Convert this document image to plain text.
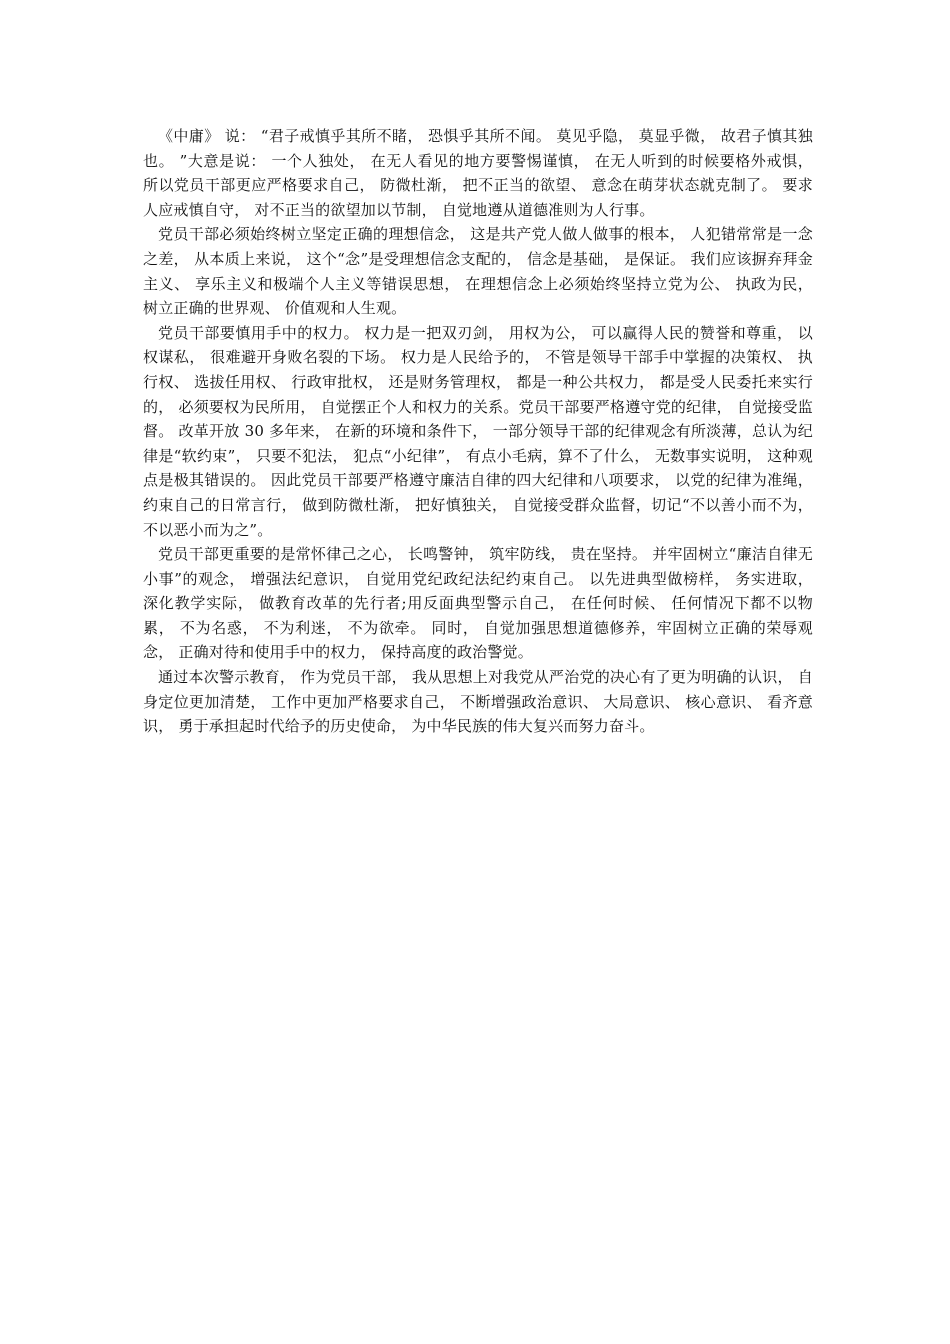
《中庸》 说： “君子戒慎乎其所不睹， 恐惧乎其所不闻。 莫见乎隐， 莫显乎微， 故君子慎其独也。 ”大意是说： 一个人独处， 在无人看见的地方要警惕谨慎， 在无人听到的时候要格外戒惧， 所以党员干部更应严格要求自己， 防微杜渐， 把不正当的欲望、 意念在萌芽状态就克制了。 要求人应戒慎自守， 对不正当的欲望加以节制， 自觉地遵从道德准则为人行事。

党员干部必须始终树立坚定正确的理想信念， 这是共产党人做人做事的根本， 人犯错常常是一念之差， 从本质上来说， 这个“念”是受理想信念支配的， 信念是基础， 是保证。 我们应该摒弃拜金主义、 享乐主义和极端个人主义等错误思想， 在理想信念上必须始终坚持立党为公、 执政为民， 树立正确的世界观、 价值观和人生观。

党员干部要慎用手中的权力。 权力是一把双刃剑， 用权为公， 可以赢得人民的赞誉和尊重， 以权谋私， 很难避开身败名裂的下场。 权力是人民给予的， 不管是领导干部手中掌握的决策权、 执行权、 选拔任用权、 行政审批权， 还是财务管理权， 都是一种公共权力， 都是受人民委托来实行的， 必须要权为民所用， 自觉摆正个人和权力的关系。党员干部要严格遵守党的纪律， 自觉接受监督。 改革开放 30 多年来， 在新的环境和条件下， 一部分领导干部的纪律观念有所淡薄，总认为纪律是“软约束”， 只要不犯法， 犯点“小纪律”， 有点小毛病，算不了什么， 无数事实说明， 这种观点是极其错误的。 因此党员干部要严格遵守廉洁自律的四大纪律和八项要求， 以党的纪律为准绳， 约束自己的日常言行， 做到防微杜渐， 把好慎独关， 自觉接受群众监督，切记“不以善小而不为， 不以恶小而为之”。

党员干部更重要的是常怀律己之心， 长鸣警钟， 筑牢防线， 贵在坚持。 并牢固树立“廉洁自律无小事”的观念， 增强法纪意识， 自觉用党纪政纪法纪约束自己。 以先进典型做榜样， 务实进取， 深化教学实际， 做教育改革的先行者;用反面典型警示自己， 在任何时候、 任何情况下都不以物累， 不为名惑， 不为利迷， 不为欲牵。 同时， 自觉加强思想道德修养，牢固树立正确的荣辱观念， 正确对待和使用手中的权力， 保持高度的政治警觉。

通过本次警示教育， 作为党员干部， 我从思想上对我党从严治党的决心有了更为明确的认识， 自身定位更加清楚， 工作中更加严格要求自己， 不断增强政治意识、 大局意识、 核心意识、 看齐意识， 勇于承担起时代给予的历史使命， 为中华民族的伟大复兴而努力奋斗。
